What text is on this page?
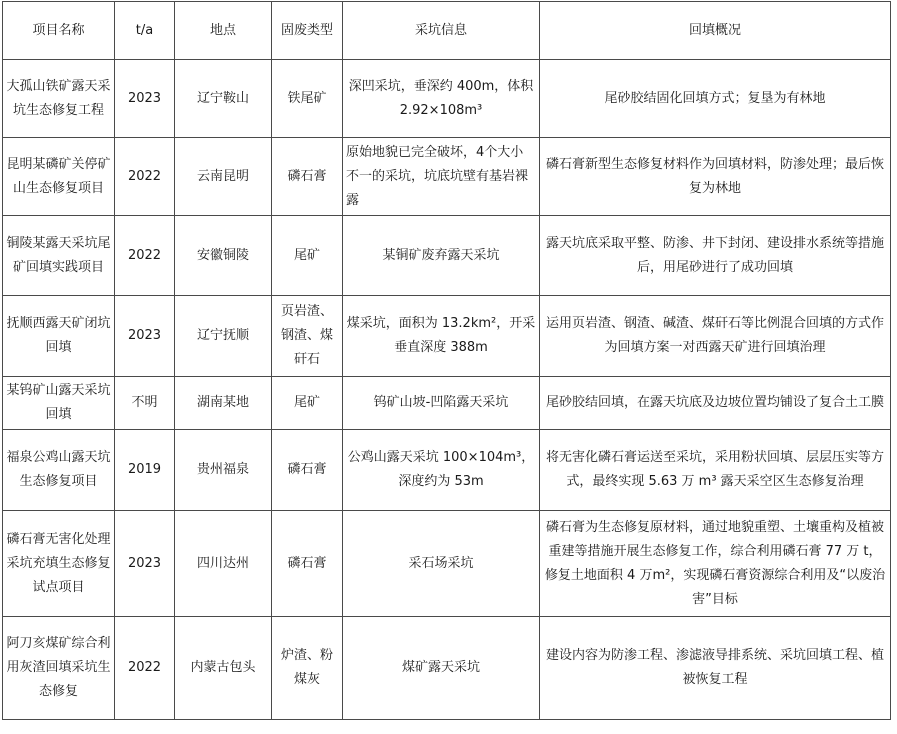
项目名称	t/a	地点	固废类型	采坑信息	回填概况
大孤山铁矿露天采坑生态修复工程	2023	辽宁鞍山	铁尾矿	深凹采坑，垂深约 400m，体积 2.92×108m³	尾砂胶结固化回填方式；复垦为有林地
昆明某磷矿关停矿山生态修复项目	2022	云南昆明	磷石膏	原始地貌已完全破坏，4个大小不一的采坑，坑底坑壁有基岩裸露	磷石膏新型生态修复材料作为回填材料，防渗处理；最后恢复为林地
铜陵某露天采坑尾矿回填实践项目	2022	安徽铜陵	尾矿	某铜矿废弃露天采坑	露天坑底采取平整、防渗、井下封闭、建设排水系统等措施后，用尾砂进行了成功回填
抚顺西露天矿闭坑回填	2023	辽宁抚顺	页岩渣、钢渣、煤矸石	煤采坑，面积为 13.2km²，开采垂直深度 388m	运用页岩渣、钢渣、碱渣、煤矸石等比例混合回填的方式作为回填方案一对西露天矿进行回填治理
某钨矿山露天采坑回填	不明	湖南某地	尾矿	钨矿山坡-凹陷露天采坑	尾砂胶结回填，在露天坑底及边坡位置均铺设了复合土工膜
福泉公鸡山露天坑生态修复项目	2019	贵州福泉	磷石膏	公鸡山露天采坑 100×104m³，深度约为 53m	将无害化磷石膏运送至采坑，采用粉状回填、层层压实等方式，最终实现 5.63 万 m³ 露天采空区生态修复治理
磷石膏无害化处理采坑充填生态修复试点项目	2023	四川达州	磷石膏	采石场采坑	磷石膏为生态修复原材料，通过地貌重塑、土壤重构及植被重建等措施开展生态修复工作，综合利用磷石膏 77 万 t，修复土地面积 4 万m²，实现磷石膏资源综合利用及“以废治害”目标
阿刀亥煤矿综合利用灰渣回填采坑生态修复	2022	内蒙古包头	炉渣、粉煤灰	煤矿露天采坑	建设内容为防渗工程、渗滤液导排系统、采坑回填工程、植被恢复工程
